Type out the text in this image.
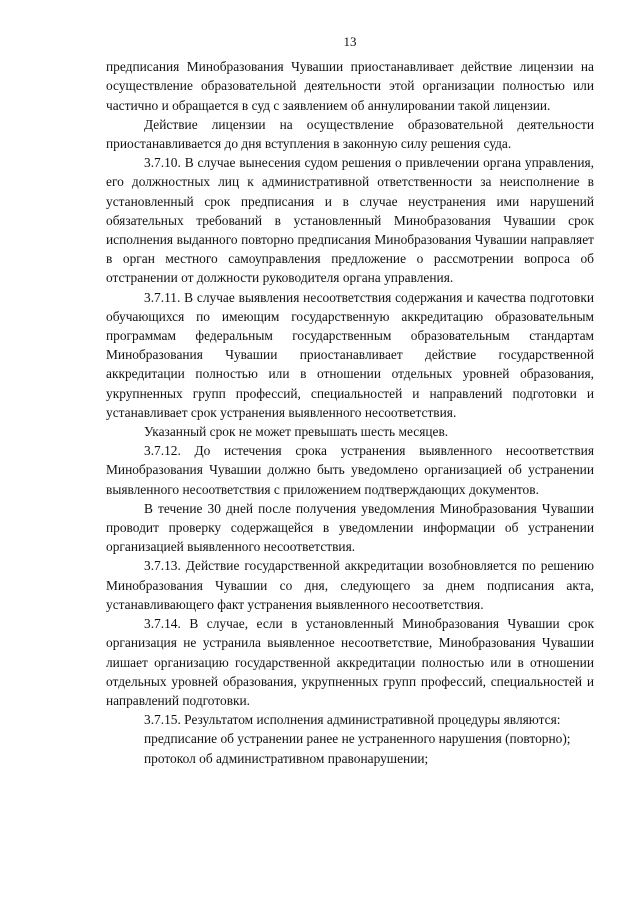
13

предписания Минобразования Чувашии приостанавливает действие лицензии на осуществление образовательной деятельности этой организации полностью или частично и обращается в суд с заявлением об аннулировании такой лицензии.

Действие лицензии на осуществление образовательной деятельности приостанавливается до дня вступления в законную силу решения суда.

3.7.10. В случае вынесения судом решения о привлечении органа управления, его должностных лиц к административной ответственности за неисполнение в установленный срок предписания и в случае неустранения ими нарушений обязательных требований в установленный Минобразования Чувашии срок исполнения выданного повторно предписания Минобразования Чувашии направляет в орган местного самоуправления предложение о рассмотрении вопроса об отстранении от должности руководителя органа управления.

3.7.11. В случае выявления несоответствия содержания и качества подготовки обучающихся по имеющим государственную аккредитацию образовательным программам федеральным государственным образовательным стандартам Минобразования Чувашии приостанавливает действие государственной аккредитации полностью или в отношении отдельных уровней образования, укрупненных групп профессий, специальностей и направлений подготовки и устанавливает срок устранения выявленного несоответствия.

Указанный срок не может превышать шесть месяцев.

3.7.12. До истечения срока устранения выявленного несоответствия Минобразования Чувашии должно быть уведомлено организацией об устранении выявленного несоответствия с приложением подтверждающих документов.

В течение 30 дней после получения уведомления Минобразования Чувашии проводит проверку содержащейся в уведомлении информации об устранении организацией выявленного несоответствия.

3.7.13. Действие государственной аккредитации возобновляется по решению Минобразования Чувашии со дня, следующего за днем подписания акта, устанавливающего факт устранения выявленного несоответствия.

3.7.14. В случае, если в установленный Минобразования Чувашии срок организация не устранила выявленное несоответствие, Минобразования Чувашии лишает организацию государственной аккредитации полностью или в отношении отдельных уровней образования, укрупненных групп профессий, специальностей и направлений подготовки.

3.7.15. Результатом исполнения административной процедуры являются:

предписание об устранении ранее не устраненного нарушения (повторно);

протокол об административном правонарушении;
